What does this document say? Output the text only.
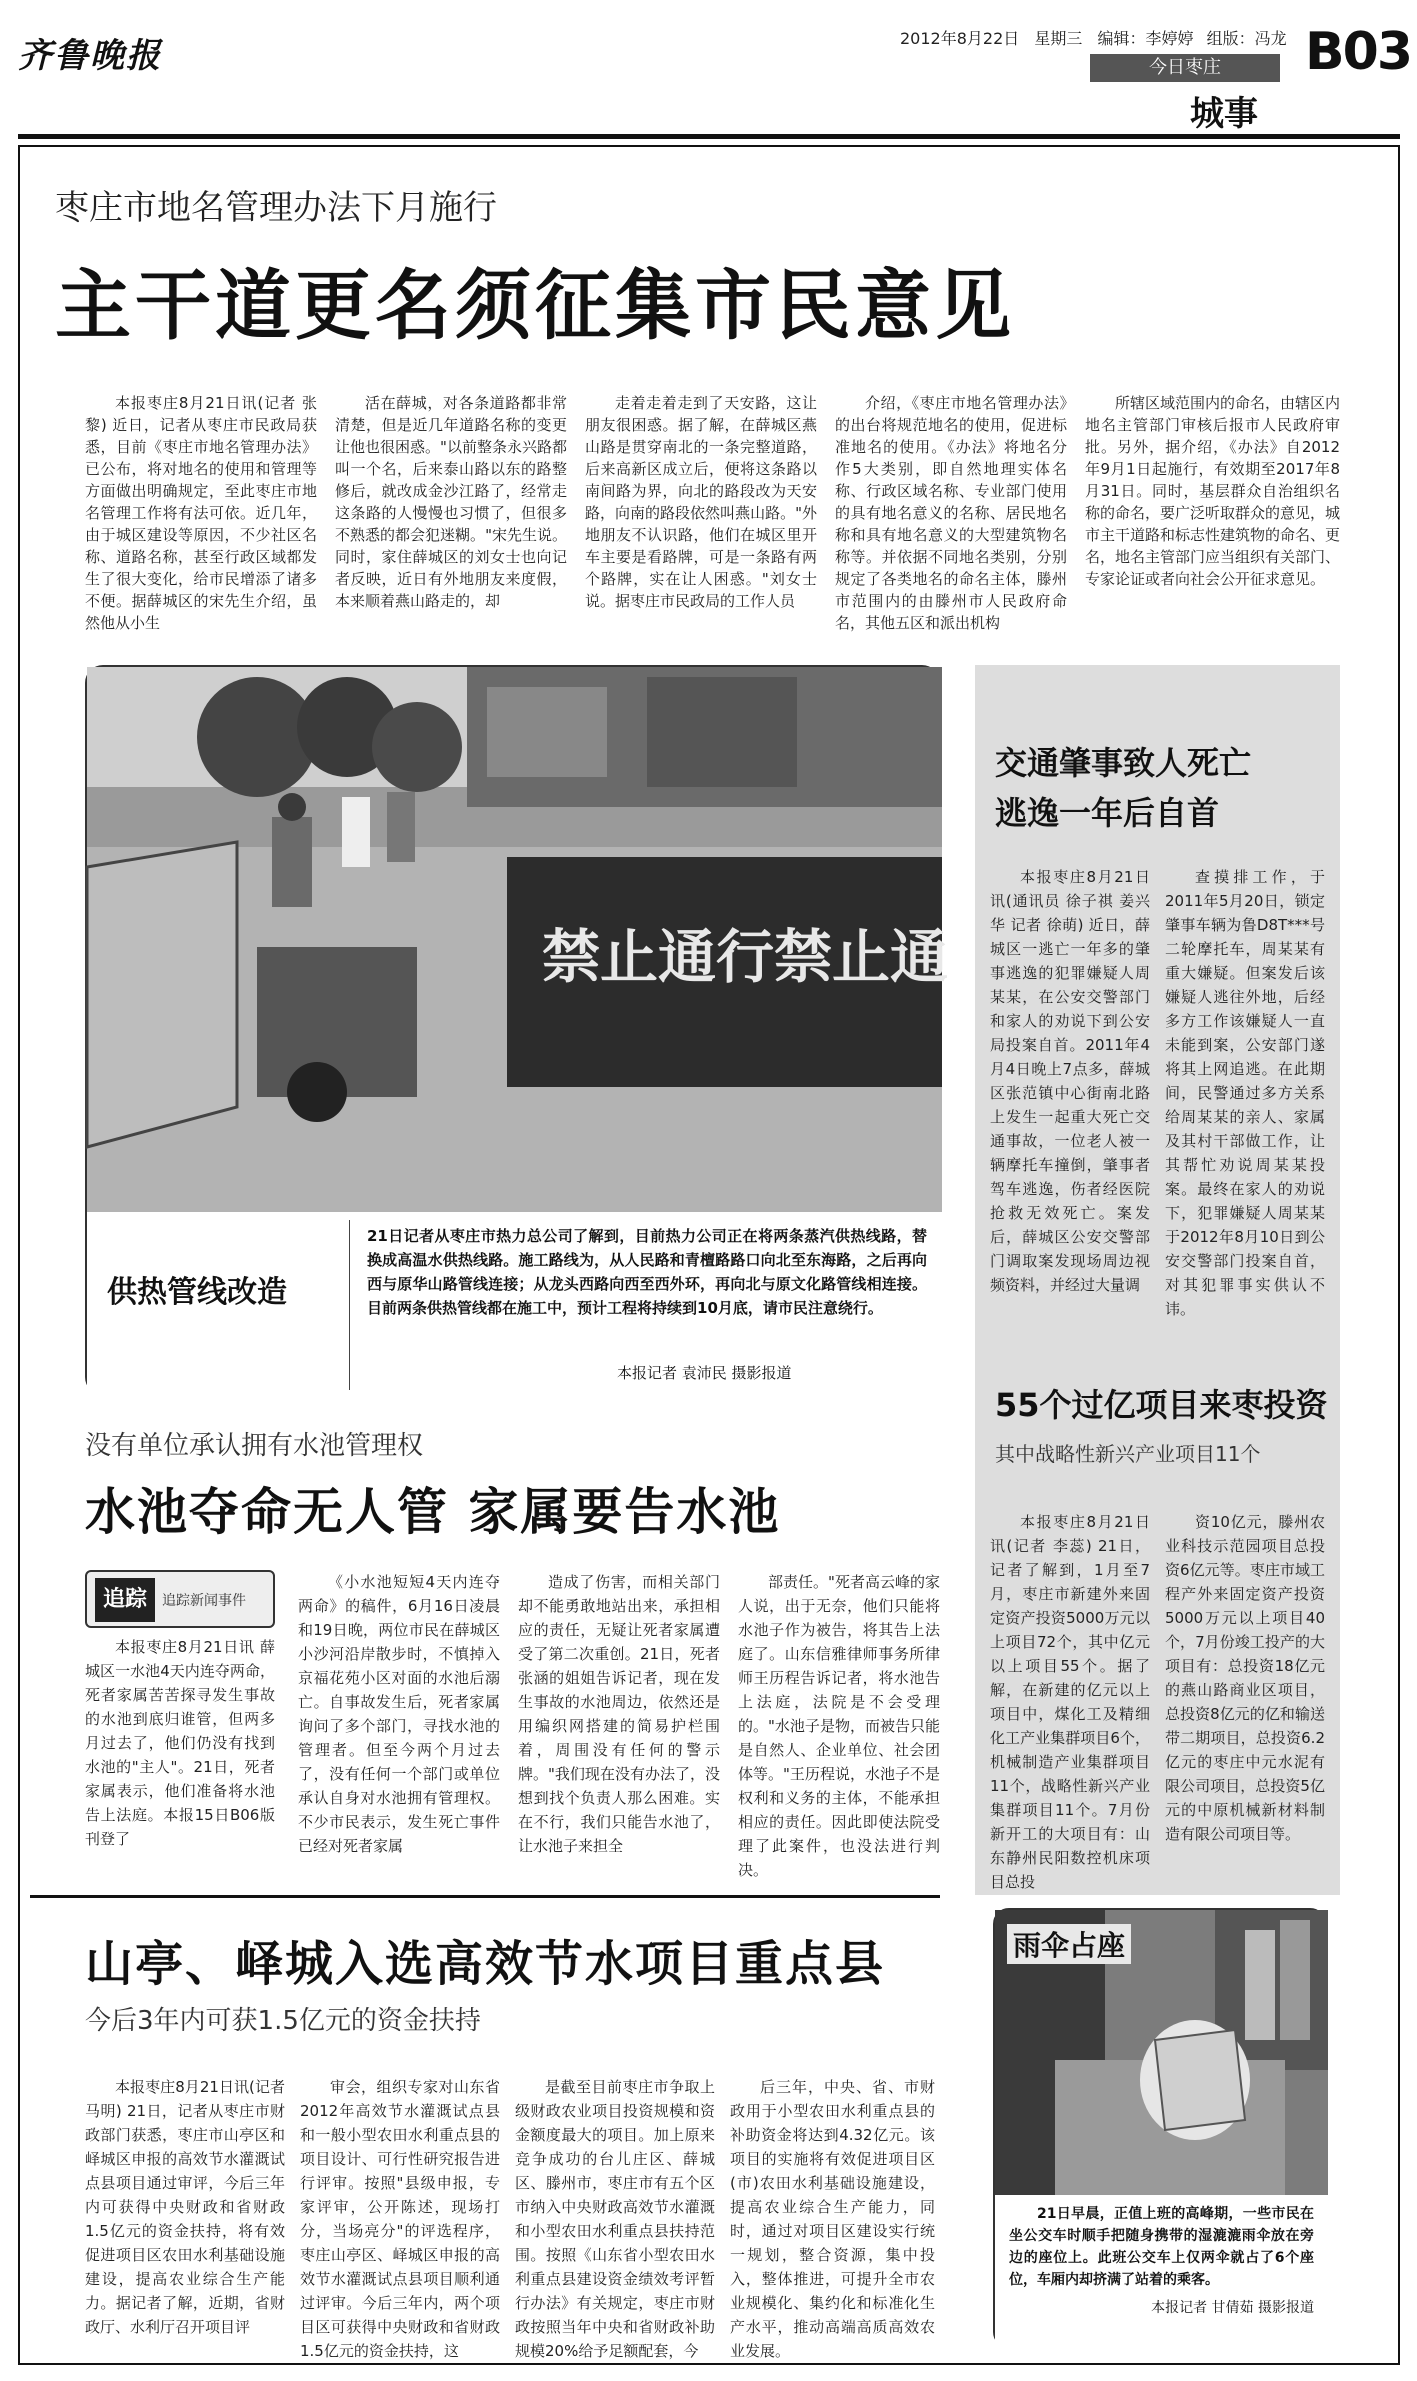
齐鲁晚报	2012年8月22日 星期三 编辑：李婷婷 组版：冯龙 B03
今日枣庄
城事
枣庄市地名管理办法下月施行
主干道更名须征集市民意见

本报枣庄8月21日讯(记者 张黎) 近日，记者从枣庄市民政局获悉，目前《枣庄市地名管理办法》已公布，将对地名的使用和管理等方面做出明确规定，至此枣庄市地名管理工作将有法可依。近几年，由于城区建设等原因，不少社区名称、道路名称，甚至行政区域都发生了很大变化，给市民增添了诸多不便。据薛城区的宋先生介绍，虽然他从小生

活在薛城，对各条道路都非常清楚，但是近几年道路名称的变更让他也很困惑。"以前整条永兴路都叫一个名，后来泰山路以东的路整修后，就改成金沙江路了，经常走这条路的人慢慢也习惯了，但很多不熟悉的都会犯迷糊。"宋先生说。同时，家住薛城区的刘女士也向记者反映，近日有外地朋友来度假，本来顺着燕山路走的，却

走着走着走到了天安路，这让朋友很困惑。据了解，在薛城区燕山路是贯穿南北的一条完整道路，后来高新区成立后，便将这条路以南间路为界，向北的路段改为天安路，向南的路段依然叫燕山路。"外地朋友不认识路，他们在城区里开车主要是看路牌，可是一条路有两个路牌，实在让人困惑。"刘女士说。据枣庄市民政局的工作人员

介绍，《枣庄市地名管理办法》的出台将规范地名的使用，促进标准地名的使用。《办法》将地名分作5大类别，即自然地理实体名称、行政区域名称、专业部门使用的具有地名意义的名称、居民地名称和具有地名意义的大型建筑物名称等。并依据不同地名类别，分别规定了各类地名的命名主体，滕州市范围内的由滕州市人民政府命名，其他五区和派出机构

所辖区域范围内的命名，由辖区内地名主管部门审核后报市人民政府审批。另外，据介绍，《办法》自2012年9月1日起施行，有效期至2017年8月31日。同时，基层群众自治组织名称的命名，要广泛听取群众的意见，城市主干道路和标志性建筑物的命名、更名，地名主管部门应当组织有关部门、专家论证或者向社会公开征求意见。

禁止通行禁止通
供热管线改造
21日记者从枣庄市热力总公司了解到，目前热力公司正在将两条蒸汽供热线路，替换成高温水供热线路。施工路线为，从人民路和青檀路路口向北至东海路，之后再向西与原华山路管线连接；从龙头西路向西至西外环，再向北与原文化路管线相连接。目前两条供热管线都在施工中，预计工程将持续到10月底，请市民注意绕行。
本报记者 袁沛民 摄影报道
交通肇事致人死亡
逃逸一年后自首

本报枣庄8月21日讯(通讯员 徐子祺 姜兴华 记者 徐萌) 近日，薛城区一逃亡一年多的肇事逃逸的犯罪嫌疑人周某某，在公安交警部门和家人的劝说下到公安局投案自首。2011年4月4日晚上7点多，薛城区张范镇中心街南北路上发生一起重大死亡交通事故，一位老人被一辆摩托车撞倒，肇事者驾车逃逸，伤者经医院抢救无效死亡。案发后，薛城区公安交警部门调取案发现场周边视频资料，并经过大量调

查摸排工作，于2011年5月20日，锁定肇事车辆为鲁D8T***号二轮摩托车，周某某有重大嫌疑。但案发后该嫌疑人逃往外地，后经多方工作该嫌疑人一直未能到案，公安部门遂将其上网追逃。在此期间，民警通过多方关系给周某某的亲人、家属及其村干部做工作，让其帮忙劝说周某某投案。最终在家人的劝说下，犯罪嫌疑人周某某于2012年8月10日到公安交警部门投案自首，对其犯罪事实供认不讳。

55个过亿项目来枣投资
其中战略性新兴产业项目11个

本报枣庄8月21日讯(记者 李蕊) 21日，记者了解到，1月至7月，枣庄市新建外来固定资产投资5000万元以上项目72个，其中亿元以上项目55个。据了解，在新建的亿元以上项目中，煤化工及精细化工产业集群项目6个，机械制造产业集群项目11个，战略性新兴产业集群项目11个。7月份新开工的大项目有：山东静州民阳数控机床项目总投

资10亿元，滕州农业科技示范园项目总投资6亿元等。枣庄市域工程产外来固定资产投资5000万元以上项目40个，7月份竣工投产的大项目有：总投资18亿元的燕山路商业区项目，总投资8亿元的亿和输送带二期项目，总投资6.2亿元的枣庄中元水泥有限公司项目，总投资5亿元的中原机械新材料制造有限公司项目等。

没有单位承认拥有水池管理权
水池夺命无人管 家属要告水池
追踪	追踪新闻事件

本报枣庄8月21日讯 薛城区一水池4天内连夺两命，死者家属苦苦探寻发生事故的水池到底归谁管，但两多月过去了，他们仍没有找到水池的"主人"。21日，死者家属表示，他们准备将水池告上法庭。本报15日B06版刊登了

《小水池短短4天内连夺两命》的稿件，6月16日凌晨和19日晚，两位市民在薛城区小沙河沿岸散步时，不慎掉入京福花苑小区对面的水池后溺亡。自事故发生后，死者家属询问了多个部门，寻找水池的管理者。但至今两个月过去了，没有任何一个部门或单位承认自身对水池拥有管理权。不少市民表示，发生死亡事件已经对死者家属

造成了伤害，而相关部门却不能勇敢地站出来，承担相应的责任，无疑让死者家属遭受了第二次重创。21日，死者张涵的姐姐告诉记者，现在发生事故的水池周边，依然还是用编织网搭建的简易护栏围着，周围没有任何的警示牌。"我们现在没有办法了，没想到找个负责人那么困难。实在不行，我们只能告水池了，让水池子来担全

部责任。"死者高云峰的家人说，出于无奈，他们只能将水池子作为被告，将其告上法庭了。山东信雅律师事务所律师王历程告诉记者，将水池告上法庭，法院是不会受理的。"水池子是物，而被告只能是自然人、企业单位、社会团体等。"王历程说，水池子不是权利和义务的主体，不能承担相应的责任。因此即使法院受理了此案件，也没法进行判决。

山亭、峄城入选高效节水项目重点县
今后3年内可获1.5亿元的资金扶持

本报枣庄8月21日讯(记者 马明) 21日，记者从枣庄市财政部门获悉，枣庄市山亭区和峄城区申报的高效节水灌溉试点县项目通过审评，今后三年内可获得中央财政和省财政1.5亿元的资金扶持，将有效促进项目区农田水利基础设施建设，提高农业综合生产能力。据记者了解，近期，省财政厅、水利厅召开项目评

审会，组织专家对山东省2012年高效节水灌溉试点县和一般小型农田水利重点县的项目设计、可行性研究报告进行评审。按照"县级申报，专家评审，公开陈述，现场打分，当场亮分"的评选程序，枣庄山亭区、峄城区申报的高效节水灌溉试点县项目顺利通过评审。今后三年内，两个项目区可获得中央财政和省财政1.5亿元的资金扶持，这

是截至目前枣庄市争取上级财政农业项目投资规模和资金额度最大的项目。加上原来竞争成功的台儿庄区、薛城区、滕州市，枣庄市有五个区市纳入中央财政高效节水灌溉和小型农田水利重点县扶持范围。按照《山东省小型农田水利重点县建设资金绩效考评暂行办法》有关规定，枣庄市财政按照当年中央和省财政补助规模20%给予足额配套，今

后三年，中央、省、市财政用于小型农田水利重点县的补助资金将达到4.32亿元。该项目的实施将有效促进项目区(市)农田水利基础设施建设，提高农业综合生产能力，同时，通过对项目区建设实行统一规划，整合资源，集中投入，整体推进，可提升全市农业规模化、集约化和标准化生产水平，推动高端高质高效农业发展。

雨伞占座
21日早晨，正值上班的高峰期，一些市民在坐公交车时顺手把随身携带的湿漉漉雨伞放在旁边的座位上。此班公交车上仅两伞就占了6个座位，车厢内却挤满了站着的乘客。
本报记者 甘倩茹 摄影报道
